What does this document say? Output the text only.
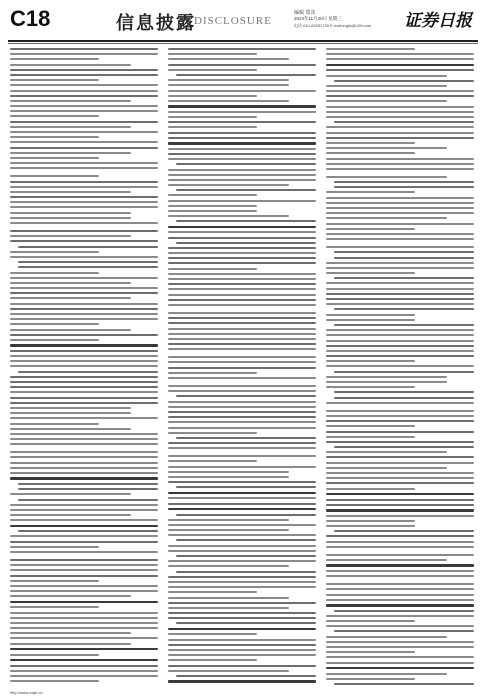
C18	信息披露
DISCLOSURE
编辑 郑其
2024年11月20日 星期三
电话:010-83251730 E-mail:zqjsb@126.com 证券日报
http://www.zqrb.cn
